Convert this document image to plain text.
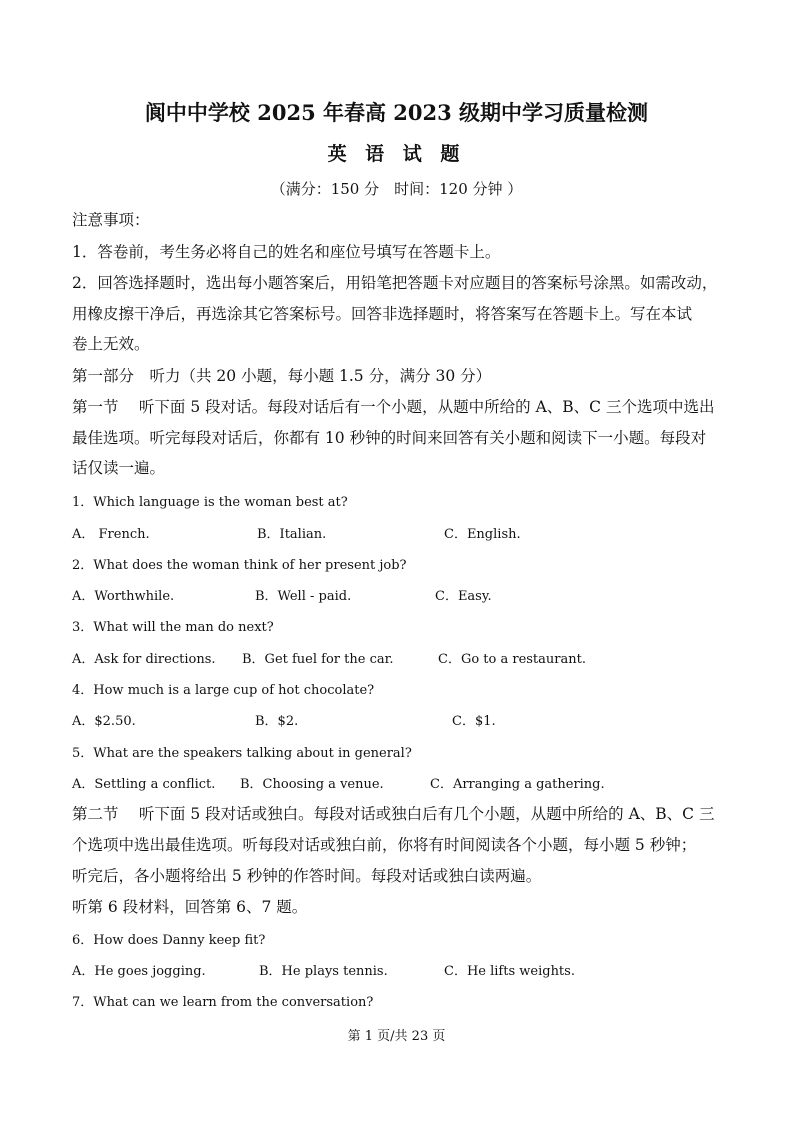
阆中中学校 2025 年春高 2023 级期中学习质量检测
英 语 试 题
（满分：150 分　时间：120 分钟 ）
注意事项：
1．答卷前，考生务必将自己的姓名和座位号填写在答题卡上。
2．回答选择题时，选出每小题答案后，用铅笔把答题卡对应题目的答案标号涂黑。如需改动，
用橡皮擦干净后，再选涂其它答案标号。回答非选择题时，将答案写在答题卡上。写在本试
卷上无效。
第一部分　听力（共 20 小题，每小题 1.5 分，满分 30 分）
第一节　 听下面 5 段对话。每段对话后有一个小题，从题中所给的 A、B、C 三个选项中选出
最佳选项。听完每段对话后，你都有 10 秒钟的时间来回答有关小题和阅读下一小题。每段对
话仅读一遍。
1．Which language is the woman best at?
A． French.	B．Italian.	C．English.
2．What does the woman think of her present job?
A．Worthwhile.	B．Well - paid.	C．Easy.
3．What will the man do next?
A．Ask for directions. B．Get fuel for the car.	C．Go to a restaurant.
4．How much is a large cup of hot chocolate?
A．$2.50.	B．$2.	C．$1.
5．What are the speakers talking about in general?
A．Settling a conflict. B．Choosing a venue.	C．Arranging a gathering.
第二节　 听下面 5 段对话或独白。每段对话或独白后有几个小题，从题中所给的 A、B、C 三
个选项中选出最佳选项。听每段对话或独白前，你将有时间阅读各个小题，每小题 5 秒钟；
听完后，各小题将给出 5 秒钟的作答时间。每段对话或独白读两遍。
听第 6 段材料，回答第 6、7 题。
6．How does Danny keep fit?
A．He goes jogging.	B．He plays tennis.	C．He lifts weights.
7．What can we learn from the conversation?
第 1 页/共 23 页
